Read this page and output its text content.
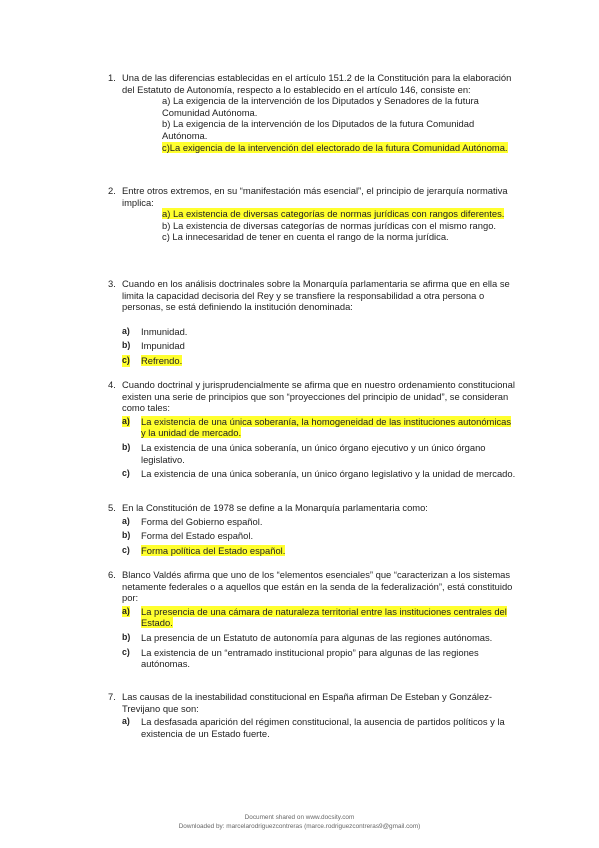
1. Una de las diferencias establecidas en el artículo 151.2 de la Constitución para la elaboración del Estatuto de Autonomía, respecto a lo establecido en el artículo 146, consiste en:
a) La exigencia de la intervención de los Diputados y Senadores de la futura Comunidad Autónoma.
b) La exigencia de la intervención de los Diputados de la futura Comunidad Autónoma.
c)La exigencia de la intervención del electorado de la futura Comunidad Autónoma.
2. Entre otros extremos, en su “manifestación más esencial”, el principio de jerarquía normativa implica:
a) La existencia de diversas categorías de normas jurídicas con rangos diferentes.
b) La existencia de diversas categorías de normas jurídicas con el mismo rango.
c) La innecesaridad de tener en cuenta el rango de la norma jurídica.
3. Cuando en los análisis doctrinales sobre la Monarquía parlamentaria se afirma que en ella se limita la capacidad decisoria del Rey y se transfiere la responsabilidad a otra persona o personas, se está definiendo la institución denominada:
a) Inmunidad.
b) Impunidad
c) Refrendo.
4. Cuando doctrinal y jurisprudencialmente se afirma que en nuestro ordenamiento constitucional existen una serie de principios que son “proyecciones del principio de unidad”, se consideran como tales:
a) La existencia de una única soberanía, la homogeneidad de las instituciones autonómicas y la unidad de mercado.
b) La existencia de una única soberanía, un único órgano ejecutivo y un único órgano legislativo.
c) La existencia de una única soberanía, un único órgano legislativo y la unidad de mercado.
5. En la Constitución de 1978 se define a la Monarquía parlamentaria como:
a) Forma del Gobierno español.
b) Forma del Estado español.
c) Forma política del Estado español.
6. Blanco Valdés afirma que uno de los “elementos esenciales” que “caracterizan a los sistemas netamente federales o a aquellos que están en la senda de la federalización”, está constituido por:
a) La presencia de una cámara de naturaleza territorial entre las instituciones centrales del Estado.
b) La presencia de un Estatuto de autonomía para algunas de las regiones autónomas.
c) La existencia de un “entramado institucional propio” para algunas de las regiones autónomas.
7. Las causas de la inestabilidad constitucional en España afirman De Esteban y González-Trevijano que son:
a) La desfasada aparición del régimen constitucional, la ausencia de partidos políticos y la existencia de un Estado fuerte.
Document shared on www.docsity.com
Downloaded by: marcelarodriguezcontreras (marce.rodriguezcontreras9@gmail.com)
